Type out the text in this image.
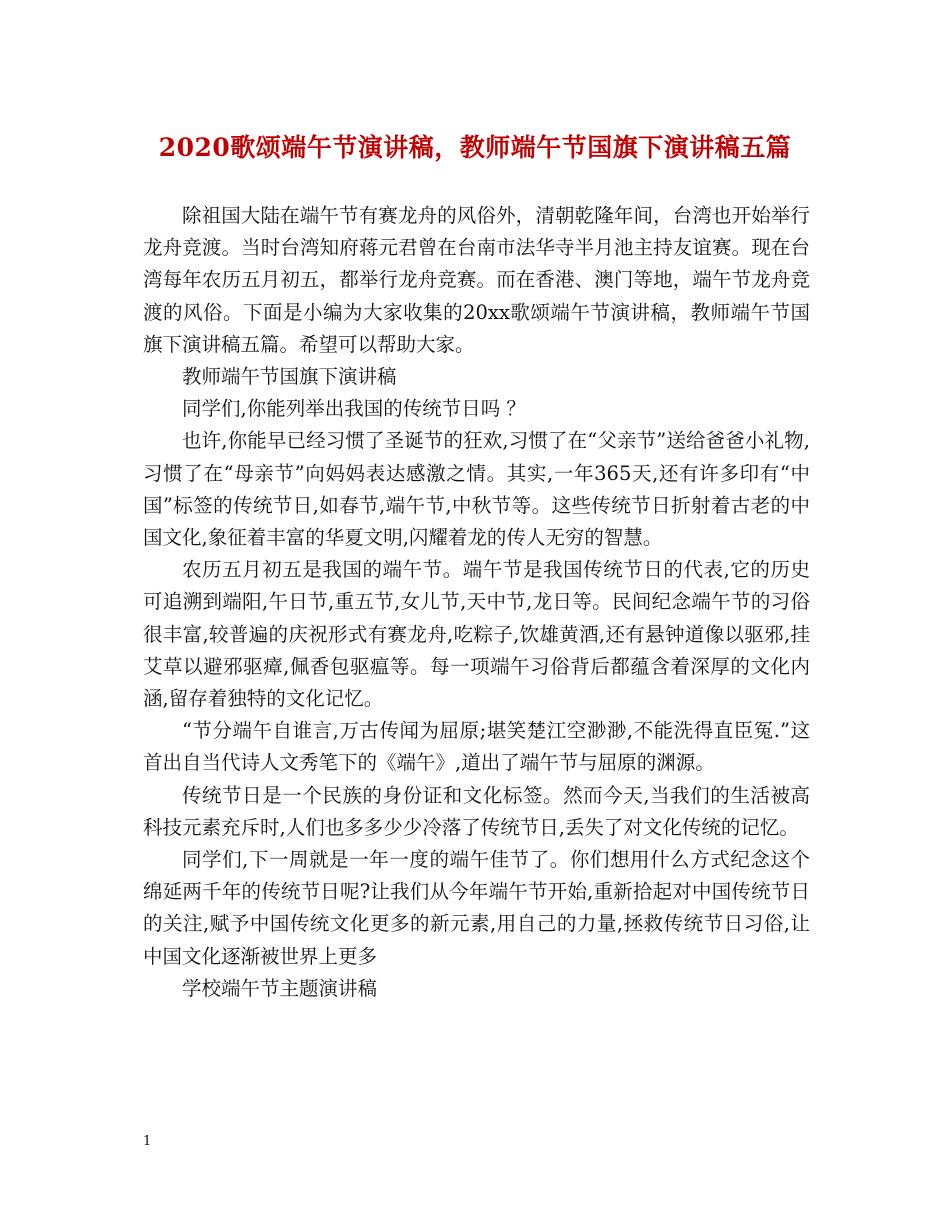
2020歌颂端午节演讲稿，教师端午节国旗下演讲稿五篇

除祖国大陆在端午节有赛龙舟的风俗外，清朝乾隆年间，台湾也开始举行龙舟竞渡。当时台湾知府蒋元君曾在台南市法华寺半月池主持友谊赛。现在台湾每年农历五月初五，都举行龙舟竞赛。而在香港、澳门等地，端午节龙舟竞渡的风俗。下面是小编为大家收集的20xx歌颂端午节演讲稿，教师端午节国旗下演讲稿五篇。希望可以帮助大家。

教师端午节国旗下演讲稿

同学们,你能列举出我国的传统节日吗 ？

也许,你能早已经习惯了圣诞节的狂欢,习惯了在“父亲节”送给爸爸小礼物,习惯了在“母亲节”向妈妈表达感激之情。其实,一年365天,还有许多印有“中国”标签的传统节日,如春节,端午节,中秋节等。这些传统节日折射着古老的中国文化,象征着丰富的华夏文明,闪耀着龙的传人无穷的智慧。

农历五月初五是我国的端午节。端午节是我国传统节日的代表,它的历史可追溯到端阳,午日节,重五节,女儿节,天中节,龙日等。民间纪念端午节的习俗很丰富,较普遍的庆祝形式有赛龙舟,吃粽子,饮雄黄酒,还有悬钟道像以驱邪,挂艾草以避邪驱瘴,佩香包驱瘟等。每一项端午习俗背后都蕴含着深厚的文化内涵,留存着独特的文化记忆。

“节分端午自谁言,万古传闻为屈原;堪笑楚江空渺渺,不能洗得直臣冤.”这首出自当代诗人文秀笔下的《端午》,道出了端午节与屈原的渊源。

传统节日是一个民族的身份证和文化标签。然而今天,当我们的生活被高科技元素充斥时,人们也多多少少冷落了传统节日,丢失了对文化传统的记忆。

同学们,下一周就是一年一度的端午佳节了。你们想用什么方式纪念这个绵延两千年的传统节日呢?让我们从今年端午节开始,重新拾起对中国传统节日的关注,赋予中国传统文化更多的新元素,用自己的力量,拯救传统节日习俗,让中国文化逐渐被世界上更多

学校端午节主题演讲稿

1
